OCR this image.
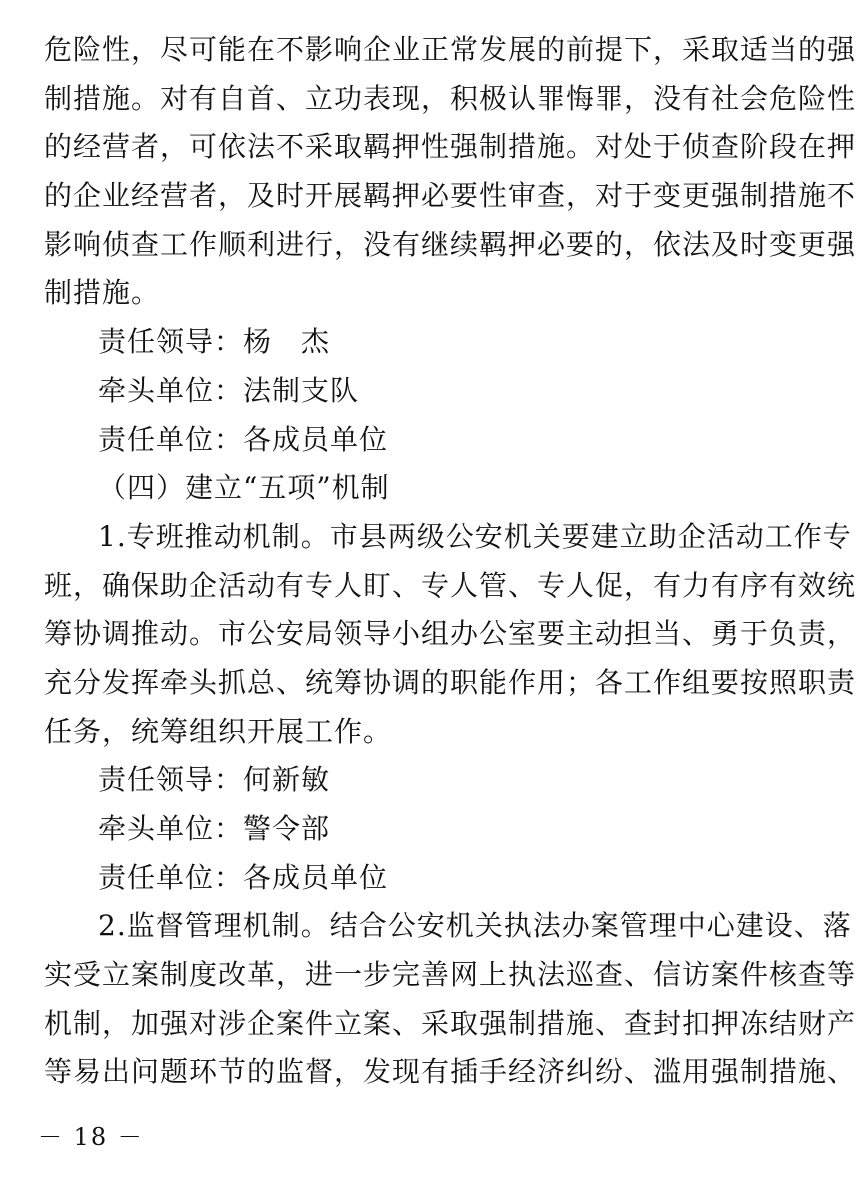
危险性，尽可能在不影响企业正常发展的前提下，采取适当的强
制措施。对有自首、立功表现，积极认罪悔罪，没有社会危险性
的经营者，可依法不采取羁押性强制措施。对处于侦查阶段在押
的企业经营者，及时开展羁押必要性审查，对于变更强制措施不
影响侦查工作顺利进行，没有继续羁押必要的，依法及时变更强
制措施。
责任领导：杨　杰
牵头单位：法制支队
责任单位：各成员单位
（四）建立“五项”机制
1.专班推动机制。市县两级公安机关要建立助企活动工作专
班，确保助企活动有专人盯、专人管、专人促，有力有序有效统
筹协调推动。市公安局领导小组办公室要主动担当、勇于负责，
充分发挥牵头抓总、统筹协调的职能作用；各工作组要按照职责
任务，统筹组织开展工作。
责任领导：何新敏
牵头单位：警令部
责任单位：各成员单位
2.监督管理机制。结合公安机关执法办案管理中心建设、落
实受立案制度改革，进一步完善网上执法巡查、信访案件核查等
机制，加强对涉企案件立案、采取强制措施、查封扣押冻结财产
等易出问题环节的监督，发现有插手经济纠纷、滥用强制措施、
－ 18 －
